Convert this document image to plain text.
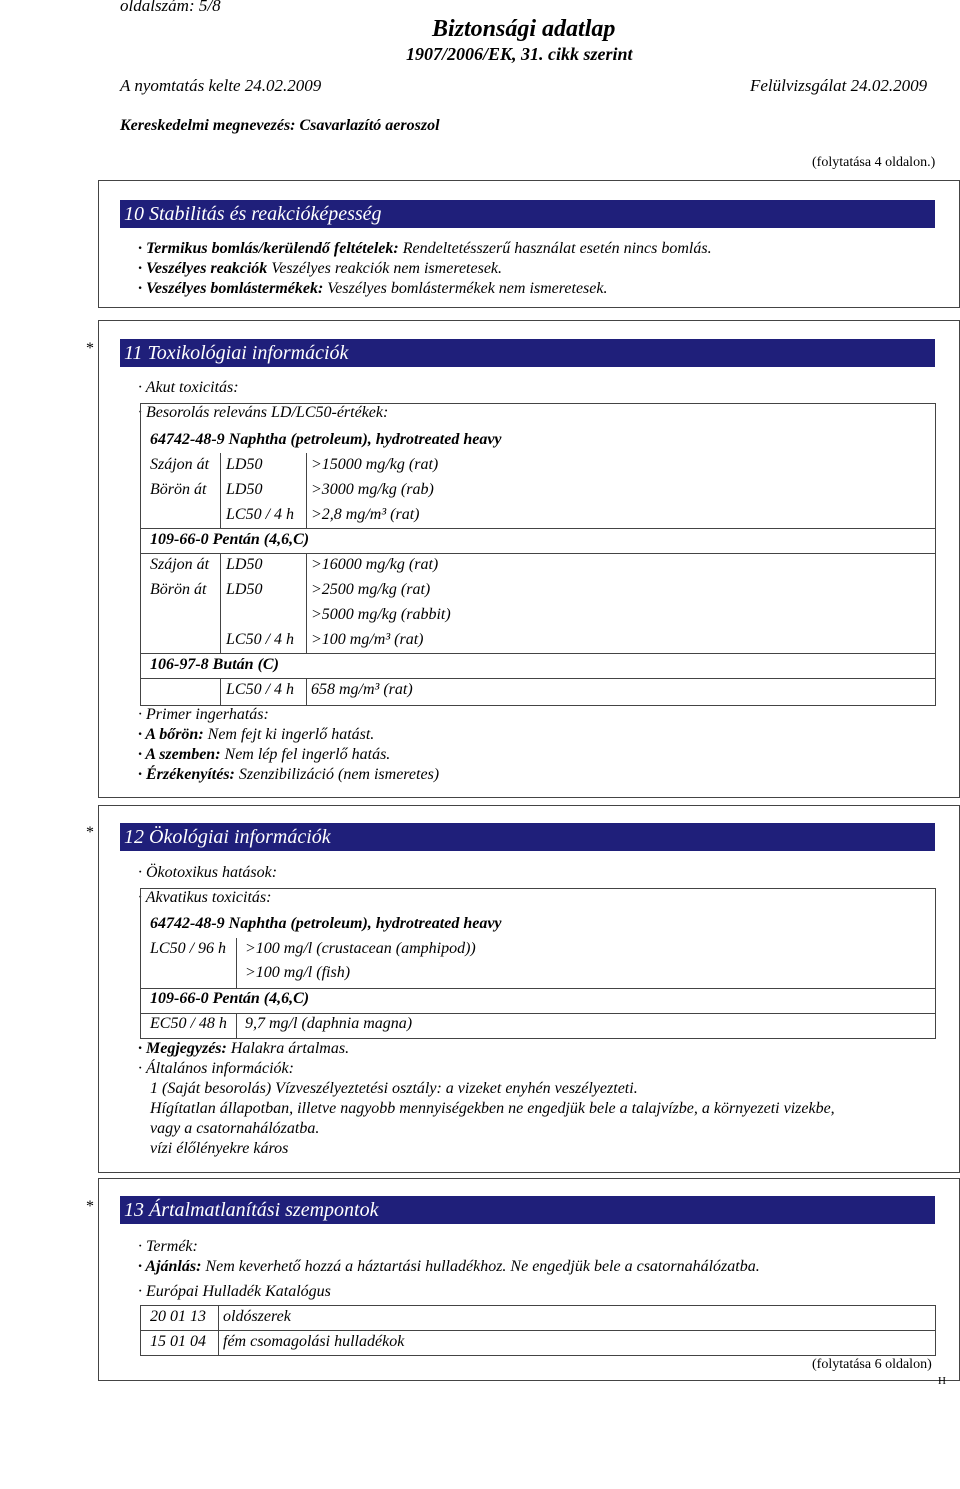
oldalszám: 5/8
Biztonsági adatlap
1907/2006/EK, 31. cikk szerint
A nyomtatás kelte 24.02.2009	Felülvizsgálat 24.02.2009
Kereskedelmi megnevezés: Csavarlazító aeroszol
(folytatása 4 oldalon.)
10 Stabilitás és reakcióképesség
· Termikus bomlás/kerülendő feltételek: Rendeltetésszerű használat esetén nincs bomlás.
· Veszélyes reakciók Veszélyes reakciók nem ismeretesek.
· Veszélyes bomlástermékek: Veszélyes bomlástermékek nem ismeretesek.
* 11 Toxikológiai információk
· Akut toxicitás:
· Besorolás releváns LD/LC50-értékek:
64742-48-9 Naphtha (petroleum), hydrotreated heavy
Szájon át LD50	>15000 mg/kg (rat)
Börön át LD50	>3000 mg/kg (rab)
LC50 / 4 h >2,8 mg/m³ (rat)
109-66-0 Pentán (4,6,C)
Szájon át LD50	>16000 mg/kg (rat)
Börön át LD50	>2500 mg/kg (rat)
>5000 mg/kg (rabbit)
LC50 / 4 h >100 mg/m³ (rat)
106-97-8 Bután (C)
LC50 / 4 h 658 mg/m³ (rat)
· Primer ingerhatás:
· A bőrön: Nem fejt ki ingerlő hatást.
· A szemben: Nem lép fel ingerlő hatás.
· Érzékenyítés: Szenzibilizáció (nem ismeretes)
* 12 Ökológiai információk
· Ökotoxikus hatások:
· Akvatikus toxicitás:
64742-48-9 Naphtha (petroleum), hydrotreated heavy
LC50 / 96 h >100 mg/l (crustacean (amphipod))
>100 mg/l (fish)
109-66-0 Pentán (4,6,C)
EC50 / 48 h 9,7 mg/l (daphnia magna)
· Megjegyzés: Halakra ártalmas.
· Általános információk:
1 (Saját besorolás) Vízveszélyeztetési osztály: a vizeket enyhén veszélyezteti.
Hígítatlan állapotban, illetve nagyobb mennyiségekben ne engedjük bele a talajvízbe, a környezeti vizekbe,
vagy a csatornahálózatba.
vízi élőlényekre káros
* 13 Ártalmatlanítási szempontok
· Termék:
· Ajánlás: Nem keverhető hozzá a háztartási hulladékhoz. Ne engedjük bele a csatornahálózatba.
· Európai Hulladék Katalógus
20 01 13 oldószerek
15 01 04 fém csomagolási hulladékok
(folytatása 6 oldalon)
H
